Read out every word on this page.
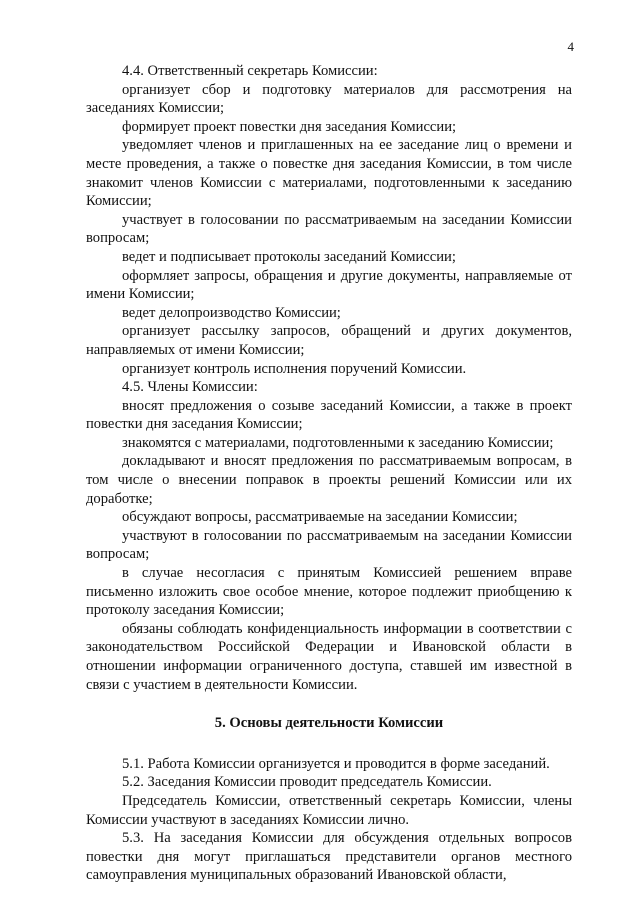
4

4.4. Ответственный секретарь Комиссии:

организует сбор и подготовку материалов для рассмотрения на заседаниях Комиссии;

формирует проект повестки дня заседания Комиссии;

уведомляет членов и приглашенных на ее заседание лиц о времени и месте проведения, а также о повестке дня заседания Комиссии, в том числе знакомит членов Комиссии с материалами, подготовленными к заседанию Комиссии;

участвует в голосовании по рассматриваемым на заседании Комиссии вопросам;

ведет и подписывает протоколы заседаний Комиссии;

оформляет запросы, обращения и другие документы, направляемые от имени Комиссии;

ведет делопроизводство Комиссии;

организует рассылку запросов, обращений и других документов, направляемых от имени Комиссии;

организует контроль исполнения поручений Комиссии.

4.5. Члены Комиссии:

вносят предложения о созыве заседаний Комиссии, а также в проект повестки дня заседания Комиссии;

знакомятся с материалами, подготовленными к заседанию Комиссии;

докладывают и вносят предложения по рассматриваемым вопросам, в том числе о внесении поправок в проекты решений Комиссии или их доработке;

обсуждают вопросы, рассматриваемые на заседании Комиссии;

участвуют в голосовании по рассматриваемым на заседании Комиссии вопросам;

в случае несогласия с принятым Комиссией решением вправе письменно изложить свое особое мнение, которое подлежит приобщению к протоколу заседания Комиссии;

обязаны соблюдать конфиденциальность информации в соответствии с законодательством Российской Федерации и Ивановской области в отношении информации ограниченного доступа, ставшей им известной в связи с участием в деятельности Комиссии.

5. Основы деятельности Комиссии

5.1. Работа Комиссии организуется и проводится в форме заседаний.

5.2. Заседания Комиссии проводит председатель Комиссии.

Председатель Комиссии, ответственный секретарь Комиссии, члены Комиссии участвуют в заседаниях Комиссии лично.

5.3. На заседания Комиссии для обсуждения отдельных вопросов повестки дня могут приглашаться представители органов местного самоуправления муниципальных образований Ивановской области,
